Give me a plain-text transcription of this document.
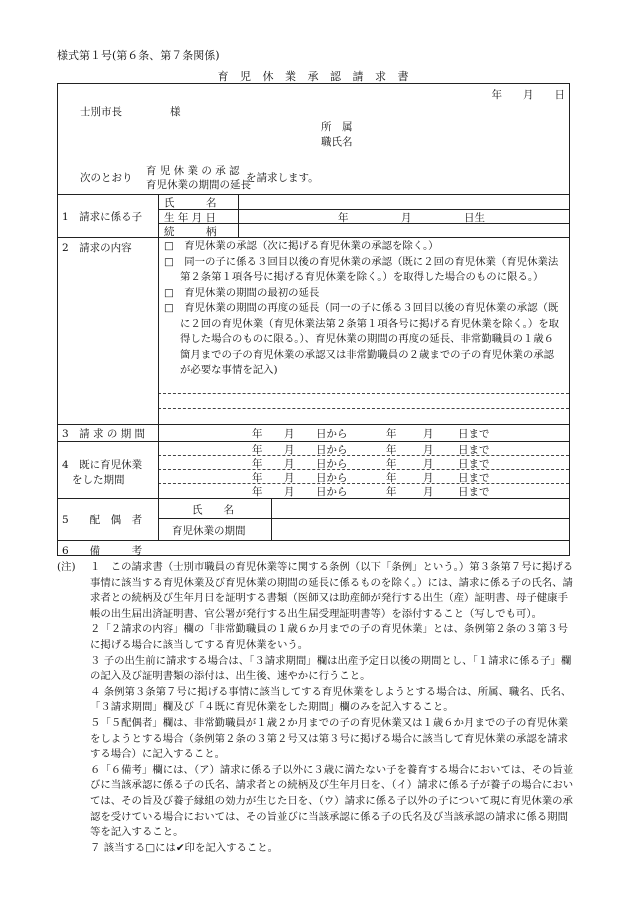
様式第１号(第６条、第７条関係)
育 児 休 業 承 認 請 求 書
年　　月　　日
士別市長	様
所　属
職氏名
次のとおり
育 児 休 業 の 承 認
育児休業の期間の延長
を請求します。
1　請求に係る子
氏　　　名
生 年 月 日	年　　　　　月　　　　　日生
続　　　柄
2　請求の内容	□　育児休業の承認（次に掲げる育児休業の承認を除く。）
□　同一の子に係る３回目以後の育児休業の承認（既に２回の育児休業（育児休業法第２条第１項各号に掲げる育児休業を除く。）を取得した場合のものに限る。）
□　育児休業の期間の最初の延長
□　育児休業の期間の再度の延長（同一の子に係る３回目以後の育児休業の承認（既に２回の育児休業（育児休業法第２条第１項各号に掲げる育児休業を除く。）を取得した場合のものに限る。）、育児休業の期間の再度の延長、非常勤職員の１歳６箇月までの子の育児休業の承認又は非常勤職員の２歳までの子の育児休業の承認が必要な事情を記入)
3　請 求 の 期 間	年 月 日から	年	月 日まで
4　既に育児休業
をした期間
年 月 日から	年	月 日まで
年 月 日から	年	月 日まで
年 月 日から	年	月 日まで
年 月 日から	年	月 日まで
5　　配　偶　者
氏　　名
育児休業の期間
6　　備　　　考
(注) １　この請求書（士別市職員の育児休業等に関する条例（以下「条例」という。）第３条第７号に掲げる事情に該当する育児休業及び育児休業の期間の延長に係るものを除く。）には、請求に係る子の氏名、請求者との続柄及び生年月日を証明する書類（医師又は助産師が発行する出生（産）証明書、母子健康手帳の出生届出済証明書、官公署が発行する出生届受理証明書等）を添付すること（写しでも可）。
２「２請求の内容」欄の「非常勤職員の１歳６か月までの子の育児休業」とは、条例第２条の３第３号に掲げる場合に該当してする育児休業をいう。
３ 子の出生前に請求する場合は、「３請求期間」欄は出産予定日以後の期間とし、「１請求に係る子」欄の記入及び証明書類の添付は、出生後、速やかに行うこと。
４ 条例第３条第７号に掲げる事情に該当してする育児休業をしようとする場合は、所属、職名、氏名、「３請求期間」欄及び「４既に育児休業をした期間」欄のみを記入すること。
５「５配偶者」欄は、非常勤職員が１歳２か月までの子の育児休業又は１歳６か月までの子の育児休業をしようとする場合（条例第２条の３第２号又は第３号に掲げる場合に該当して育児休業の承認を請求する場合）に記入すること。
６「６備考」欄には、（ア）請求に係る子以外に３歳に満たない子を養育する場合においては、その旨並びに当該承認に係る子の氏名、請求者との続柄及び生年月日を、（イ）請求に係る子が養子の場合においては、その旨及び養子縁組の効力が生じた日を、（ウ）請求に係る子以外の子について現に育児休業の承認を受けている場合においては、その旨並びに当該承認に係る子の氏名及び当該承認の請求に係る期間等を記入すること。
７ 該当する□には✔印を記入すること。
